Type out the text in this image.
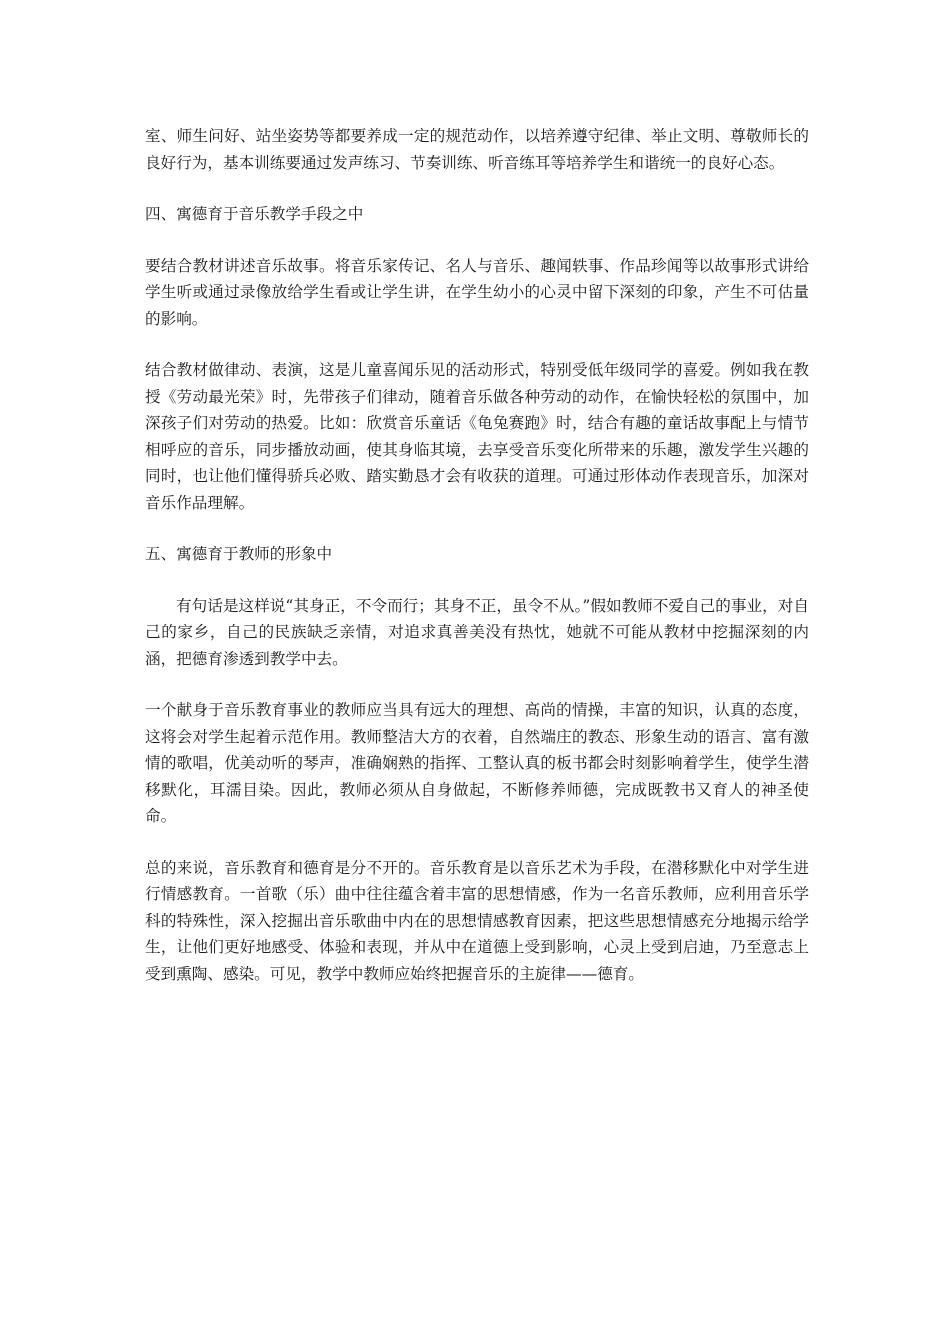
室、师生问好、站坐姿势等都要养成一定的规范动作，以培养遵守纪律、举止文明、尊敬师长的良好行为，基本训练要通过发声练习、节奏训练、听音练耳等培养学生和谐统一的良好心态。

四、寓德育于音乐教学手段之中

要结合教材讲述音乐故事。将音乐家传记、名人与音乐、趣闻轶事、作品珍闻等以故事形式讲给学生听或通过录像放给学生看或让学生讲，在学生幼小的心灵中留下深刻的印象，产生不可估量的影响。

结合教材做律动、表演，这是儿童喜闻乐见的活动形式，特别受低年级同学的喜爱。例如我在教授《劳动最光荣》时，先带孩子们律动，随着音乐做各种劳动的动作，在愉快轻松的氛围中，加深孩子们对劳动的热爱。比如：欣赏音乐童话《龟兔赛跑》时，结合有趣的童话故事配上与情节相呼应的音乐，同步播放动画，使其身临其境，去享受音乐变化所带来的乐趣，激发学生兴趣的同时，也让他们懂得骄兵必败、踏实勤恳才会有收获的道理。可通过形体动作表现音乐，加深对音乐作品理解。

五、寓德育于教师的形象中

有句话是这样说“其身正，不令而行；其身不正，虽令不从。”假如教师不爱自己的事业，对自己的家乡，自己的民族缺乏亲情，对追求真善美没有热忱，她就不可能从教材中挖掘深刻的内涵，把德育渗透到教学中去。

一个献身于音乐教育事业的教师应当具有远大的理想、高尚的情操，丰富的知识，认真的态度，这将会对学生起着示范作用。教师整洁大方的衣着，自然端庄的教态、形象生动的语言、富有激情的歌唱，优美动听的琴声，准确娴熟的指挥、工整认真的板书都会时刻影响着学生，使学生潜移默化，耳濡目染。因此，教师必须从自身做起，不断修养师德，完成既教书又育人的神圣使命。

总的来说，音乐教育和德育是分不开的。音乐教育是以音乐艺术为手段，在潜移默化中对学生进行情感教育。一首歌（乐）曲中往往蕴含着丰富的思想情感，作为一名音乐教师，应利用音乐学科的特殊性，深入挖掘出音乐歌曲中内在的思想情感教育因素，把这些思想情感充分地揭示给学生，让他们更好地感受、体验和表现，并从中在道德上受到影响，心灵上受到启迪，乃至意志上受到熏陶、感染。可见，教学中教师应始终把握音乐的主旋律——德育。
